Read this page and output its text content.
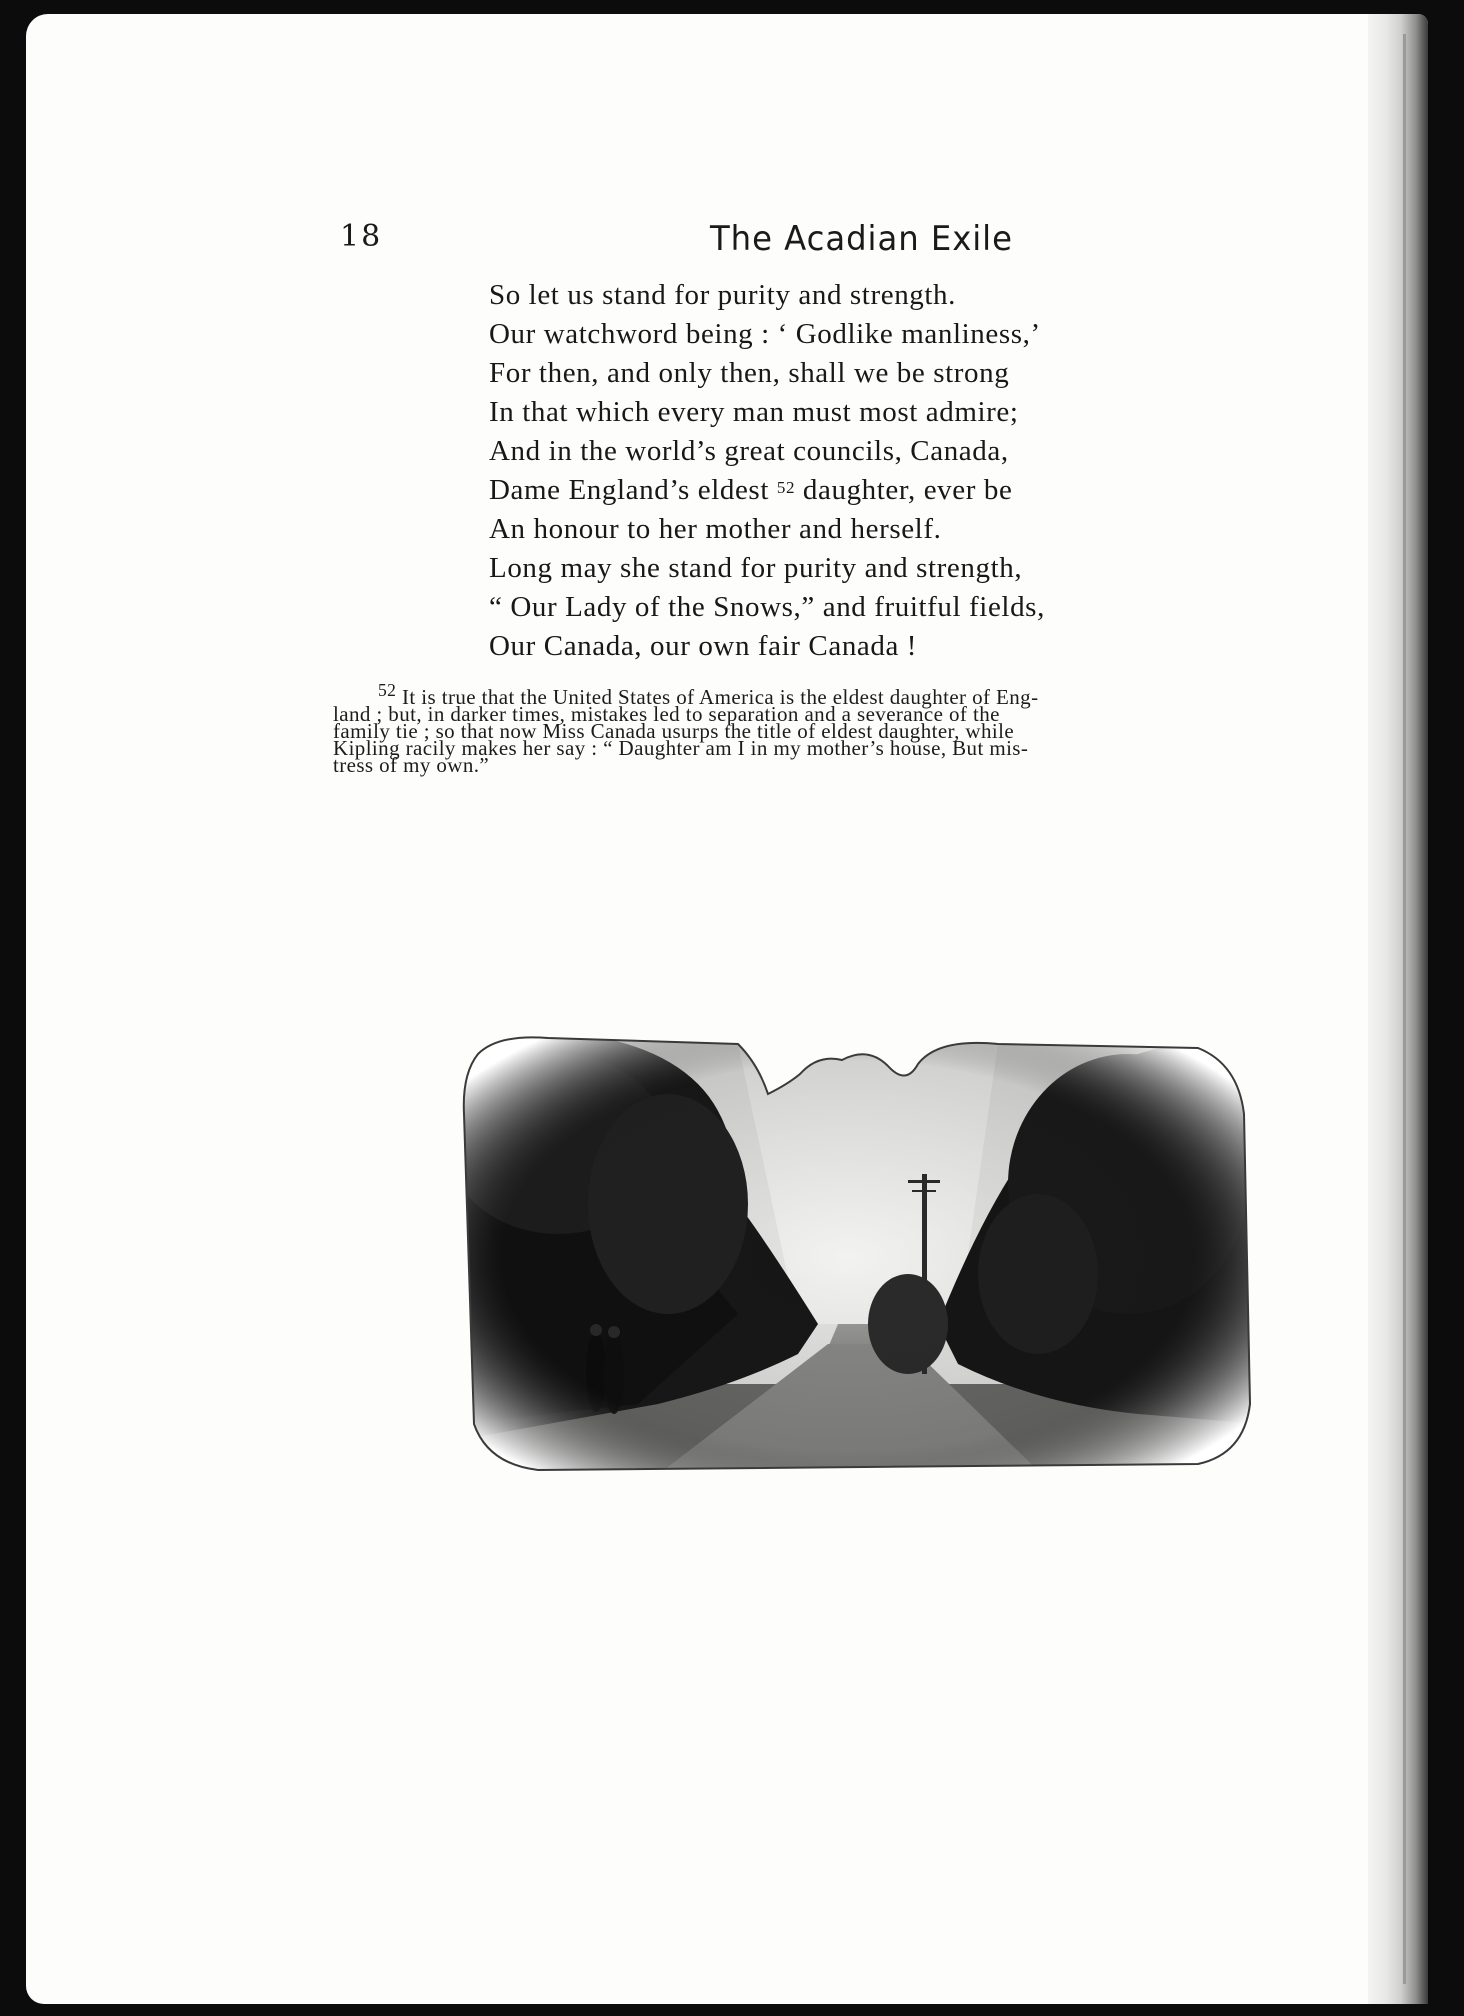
18	The Acadian Exile
So let us stand for purity and strength.
Our watchword being : ‘ Godlike manliness,’
For then, and only then, shall we be strong
In that which every man must most admire;
And in the world’s great councils, Canada,
Dame England’s eldest $^{52}$ daughter, ever be
An honour to her mother and herself.
Long may she stand for purity and strength,
“ Our Lady of the Snows,” and fruitful fields,
Our Canada, our own fair Canada !
$^{52}$ It is true that the United States of America is the eldest daughter of Eng-
land ; but, in darker times, mistakes led to separation and a severance of the
family tie ; so that now Miss Canada usurps the title of eldest daughter, while
Kipling racily makes her say : “ Daughter am I in my mother’s house, But mis-
tress of my own.”
